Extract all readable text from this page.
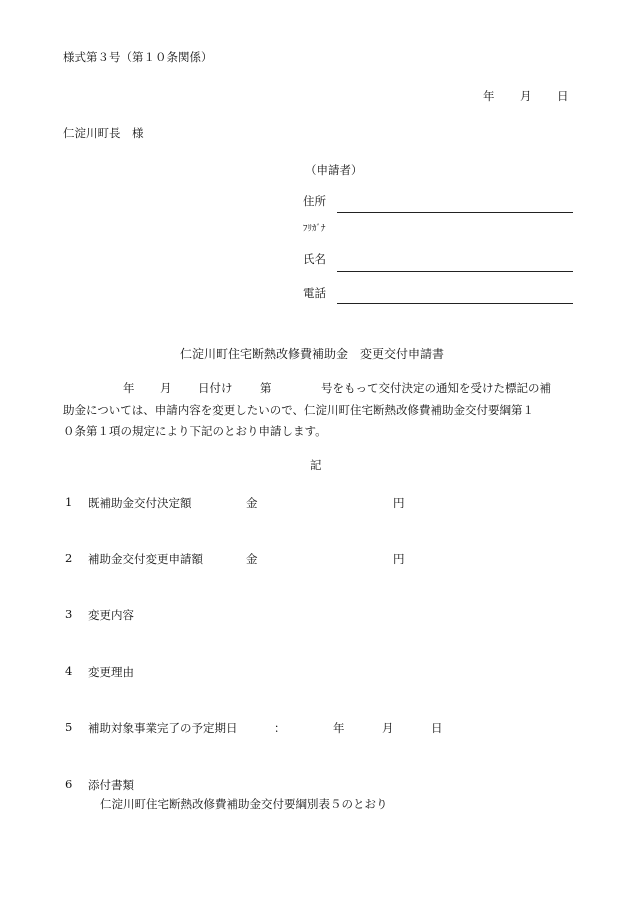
様式第３号（第１０条関係）
年 月 日
仁淀川町長　様
（申請者）
住所
ﾌﾘｶﾞﾅ
氏名
電話
仁淀川町住宅断熱改修費補助金　変更交付申請書
年 月 日付け 第	号をもって交付決定の通知を受けた標記の補
助金については、申請内容を変更したいので、仁淀川町住宅断熱改修費補助金交付要綱第１
０条第１項の規定により下記のとおり申請します。
記
1 既補助金交付決定額	金	円
2 補助金交付変更申請額	金	円
3 変更内容
4 変更理由
5 補助対象事業完了の予定期日	：	年	月	日
6 添付書類
仁淀川町住宅断熱改修費補助金交付要綱別表５のとおり
